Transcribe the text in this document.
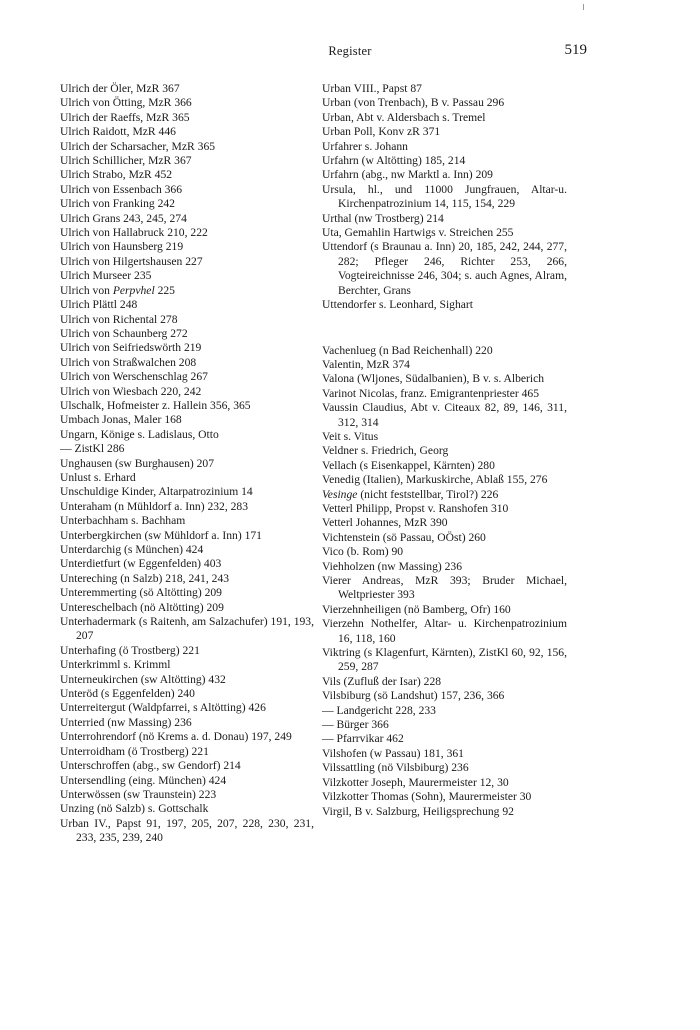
Register	519
Ulrich der Öler, MzR 367
Ulrich von Ötting, MzR 366
Ulrich der Raeffs, MzR 365
Ulrich Raidott, MzR 446
Ulrich der Scharsacher, MzR 365
Ulrich Schillicher, MzR 367
Ulrich Strabo, MzR 452
Ulrich von Essenbach 366
Ulrich von Franking 242
Ulrich Grans 243, 245, 274
Ulrich von Hallabruck 210, 222
Ulrich von Haunsberg 219
Ulrich von Hilgertshausen 227
Ulrich Murseer 235
Ulrich von Perpvhel 225
Ulrich Plättl 248
Ulrich von Richental 278
Ulrich von Schaunberg 272
Ulrich von Seifriedswörth 219
Ulrich von Straßwalchen 208
Ulrich von Werschenschlag 267
Ulrich von Wiesbach 220, 242
Ulschalk, Hofmeister z. Hallein 356, 365
Umbach Jonas, Maler 168
Ungarn, Könige s. Ladislaus, Otto
— ZistKl 286
Unghausen (sw Burghausen) 207
Unlust s. Erhard
Unschuldige Kinder, Altarpatrozinium 14
Unteraham (n Mühldorf a. Inn) 232, 283
Unterbachham s. Bachham
Unterbergkirchen (sw Mühldorf a. Inn) 171
Unterdarchig (s München) 424
Unterdietfurt (w Eggenfelden) 403
Untereching (n Salzb) 218, 241, 243
Unteremmerting (sö Altötting) 209
Untereschelbach (nö Altötting) 209
Unterhadermark (s Raitenh, am Salzachufer) 191, 193, 207
Unterhafing (ö Trostberg) 221
Unterkrimml s. Krimml
Unterneukirchen (sw Altötting) 432
Unteröd (s Eggenfelden) 240
Unterreitergut (Waldpfarrei, s Altötting) 426
Unterried (nw Massing) 236
Unterrohrendorf (nö Krems a. d. Donau) 197, 249
Unterroidham (ö Trostberg) 221
Unterschroffen (abg., sw Gendorf) 214
Untersendling (eing. München) 424
Unterwössen (sw Traunstein) 223
Unzing (nö Salzb) s. Gottschalk
Urban IV., Papst 91, 197, 205, 207, 228, 230, 231, 233, 235, 239, 240
Urban VIII., Papst 87
Urban (von Trenbach), B v. Passau 296
Urban, Abt v. Aldersbach s. Tremel
Urban Poll, Konv zR 371
Urfahrer s. Johann
Urfahrn (w Altötting) 185, 214
Urfahrn (abg., nw Marktl a. Inn) 209
Ursula, hl., und 11000 Jungfrauen, Altar-u. Kirchenpatrozinium 14, 115, 154, 229
Urthal (nw Trostberg) 214
Uta, Gemahlin Hartwigs v. Streichen 255
Uttendorf (s Braunau a. Inn) 20, 185, 242, 244, 277, 282; Pfleger 246, Richter 253, 266, Vogteireichnisse 246, 304; s. auch Agnes, Alram, Berchter, Grans
Uttendorfer s. Leonhard, Sighart
Vachenlueg (n Bad Reichenhall) 220
Valentin, MzR 374
Valona (Wljones, Südalbanien), B v. s. Alberich
Varinot Nicolas, franz. Emigrantenpriester 465
Vaussin Claudius, Abt v. Citeaux 82, 89, 146, 311, 312, 314
Veit s. Vitus
Veldner s. Friedrich, Georg
Vellach (s Eisenkappel, Kärnten) 280
Venedig (Italien), Markuskirche, Ablaß 155, 276
Vesinge (nicht feststellbar, Tirol?) 226
Vetterl Philipp, Propst v. Ranshofen 310
Vetterl Johannes, MzR 390
Vichtenstein (sö Passau, OÖst) 260
Vico (b. Rom) 90
Viehholzen (nw Massing) 236
Vierer Andreas, MzR 393; Bruder Michael, Weltpriester 393
Vierzehnheiligen (nö Bamberg, Ofr) 160
Vierzehn Nothelfer, Altar- u. Kirchenpatrozinium 16, 118, 160
Viktring (s Klagenfurt, Kärnten), ZistKl 60, 92, 156, 259, 287
Vils (Zufluß der Isar) 228
Vilsbiburg (sö Landshut) 157, 236, 366
— Landgericht 228, 233
— Bürger 366
— Pfarrvikar 462
Vilshofen (w Passau) 181, 361
Vilssattling (nö Vilsbiburg) 236
Vilzkotter Joseph, Maurermeister 12, 30
Vilzkotter Thomas (Sohn), Maurermeister 30
Virgil, B v. Salzburg, Heiligsprechung 92
